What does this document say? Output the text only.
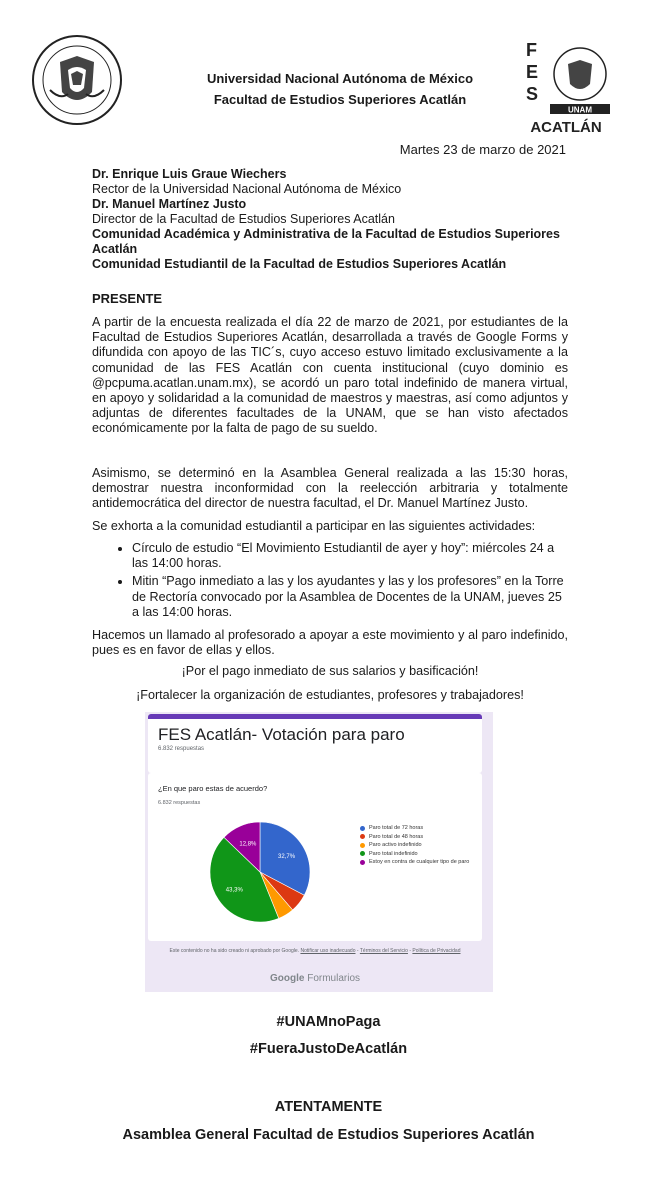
Universidad Nacional Autónoma de México
Facultad de Estudios Superiores Acatlán
F
E
S
UNAM
ACATLÁN
Martes 23 de marzo de 2021
Dr. Enrique Luis Graue Wiechers
Rector de la Universidad Nacional Autónoma de México
Dr. Manuel Martínez Justo
Director de la Facultad de Estudios Superiores Acatlán
Comunidad Académica y Administrativa de la Facultad de Estudios Superiores Acatlán
Comunidad Estudiantil de la Facultad de Estudios Superiores Acatlán
PRESENTE
A partir de la encuesta realizada el día 22 de marzo de 2021, por estudiantes de la Facultad de Estudios Superiores Acatlán, desarrollada a través de Google Forms y difundida con apoyo de las TIC´s, cuyo acceso estuvo limitado exclusivamente a la comunidad de las FES Acatlán con cuenta institucional (cuyo dominio es @pcpuma.acatlan.unam.mx), se acordó un paro total indefinido de manera virtual, en apoyo y solidaridad a la comunidad de maestros y maestras, así como adjuntos y adjuntas de diferentes facultades de la UNAM, que se han visto afectados económicamente por la falta de pago de su sueldo.
Asimismo, se determinó en la Asamblea General realizada a las 15:30 horas, demostrar nuestra inconformidad con la reelección arbitraria y totalmente antidemocrática del director de nuestra facultad, el Dr. Manuel Martínez Justo.
Se exhorta a la comunidad estudiantil a participar en las siguientes actividades:
• Círculo de estudio “El Movimiento Estudiantil de ayer y hoy”: miércoles 24 a las 14:00 horas.
• Mitin “Pago inmediato a las y los ayudantes y las y los profesores” en la Torre de Rectoría convocado por la Asamblea de Docentes de la UNAM, jueves 25 a las 14:00 horas.
Hacemos un llamado al profesorado a apoyar a este movimiento y al paro indefinido, pues es en favor de ellas y ellos.
¡Por el pago inmediato de sus salarios y basificación!
¡Fortalecer la organización de estudiantes, profesores y trabajadores!
FES Acatlán- Votación para paro
6.832 respuestas
¿En que paro estas de acuerdo?
6.832 respuestas
32,7%
43,3%
12,8%
Paro total de 72 horas
Paro total de 48 horas
Paro activo indefinido
Paro total indefinido
Estoy en contra de cualquier tipo de paro
Este contenido no ha sido creado ni aprobado por Google. Notificar uso inadecuado - Términos del Servicio - Política de Privacidad
Google Formularios
#UNAMnoPaga
#FueraJustoDeAcatlán
ATENTAMENTE
Asamblea General Facultad de Estudios Superiores Acatlán
